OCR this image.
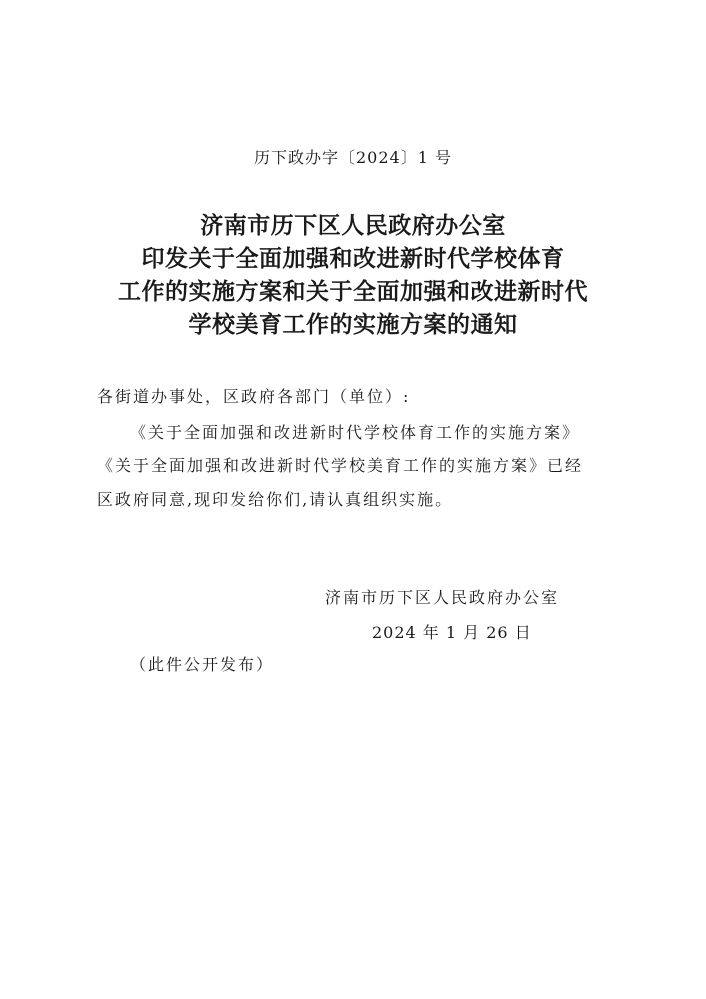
历下政办字〔2024〕1 号
济南市历下区人民政府办公室
印发关于全面加强和改进新时代学校体育
工作的实施方案和关于全面加强和改进新时代
学校美育工作的实施方案的通知
各街道办事处，区政府各部门（单位）:
《关于全面加强和改进新时代学校体育工作的实施方案》
《关于全面加强和改进新时代学校美育工作的实施方案》已经
区政府同意,现印发给你们,请认真组织实施。
济南市历下区人民政府办公室
2024 年 1 月 26 日
（此件公开发布）
